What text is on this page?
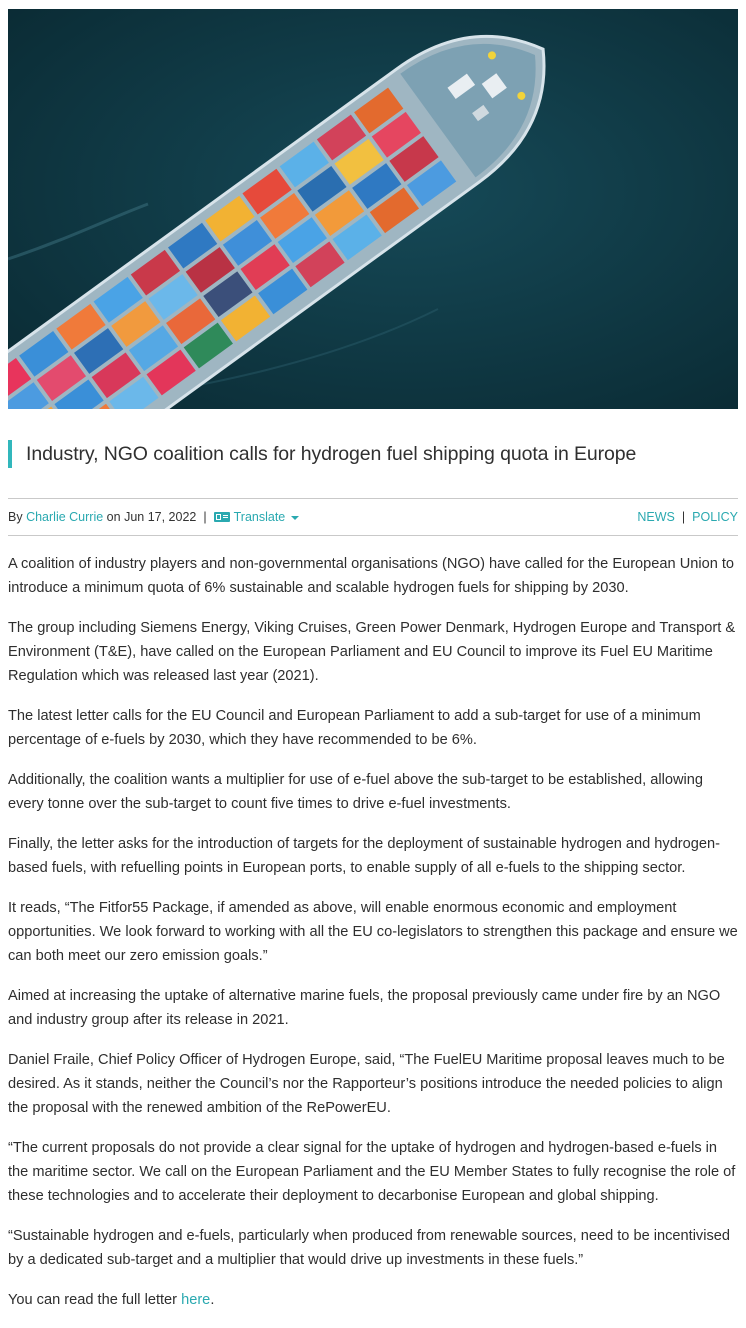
Industry, NGO coalition calls for hydrogen fuel shipping quota in Europe
By
Charlie Currie
on
Jun 17, 2022 | Translate	NEWS | POLICY

A coalition of industry players and non-governmental organisations (NGO) have called for the European Union to introduce a minimum quota of 6% sustainable and scalable hydrogen fuels for shipping by 2030.

The group including Siemens Energy, Viking Cruises, Green Power Denmark, Hydrogen Europe and Transport & Environment (T&E), have called on the European Parliament and EU Council to improve its Fuel EU Maritime Regulation which was released last year (2021).

The latest letter calls for the EU Council and European Parliament to add a sub-target for use of a minimum percentage of e-fuels by 2030, which they have recommended to be 6%.

Additionally, the coalition wants a multiplier for use of e-fuel above the sub-target to be established, allowing every tonne over the sub-target to count five times to drive e-fuel investments.

Finally, the letter asks for the introduction of targets for the deployment of sustainable hydrogen and hydrogen-based fuels, with refuelling points in European ports, to enable supply of all e-fuels to the shipping sector.

It reads, “The Fitfor55 Package, if amended as above, will enable enormous economic and employment opportunities. We look forward to working with all the EU co-legislators to strengthen this package and ensure we can both meet our zero emission goals.”

Aimed at increasing the uptake of alternative marine fuels, the proposal previously came under fire by an NGO and industry group after its release in 2021.

Daniel Fraile, Chief Policy Officer of Hydrogen Europe, said, “The FuelEU Maritime proposal leaves much to be desired. As it stands, neither the Council’s nor the Rapporteur’s positions introduce the needed policies to align the proposal with the renewed ambition of the RePowerEU.

“The current proposals do not provide a clear signal for the uptake of hydrogen and hydrogen-based e-fuels in the maritime sector. We call on the European Parliament and the EU Member States to fully recognise the role of these technologies and to accelerate their deployment to decarbonise European and global shipping.

“Sustainable hydrogen and e-fuels, particularly when produced from renewable sources, need to be incentivised by a dedicated sub-target and a multiplier that would drive up investments in these fuels.”

You can read the full letter here.
